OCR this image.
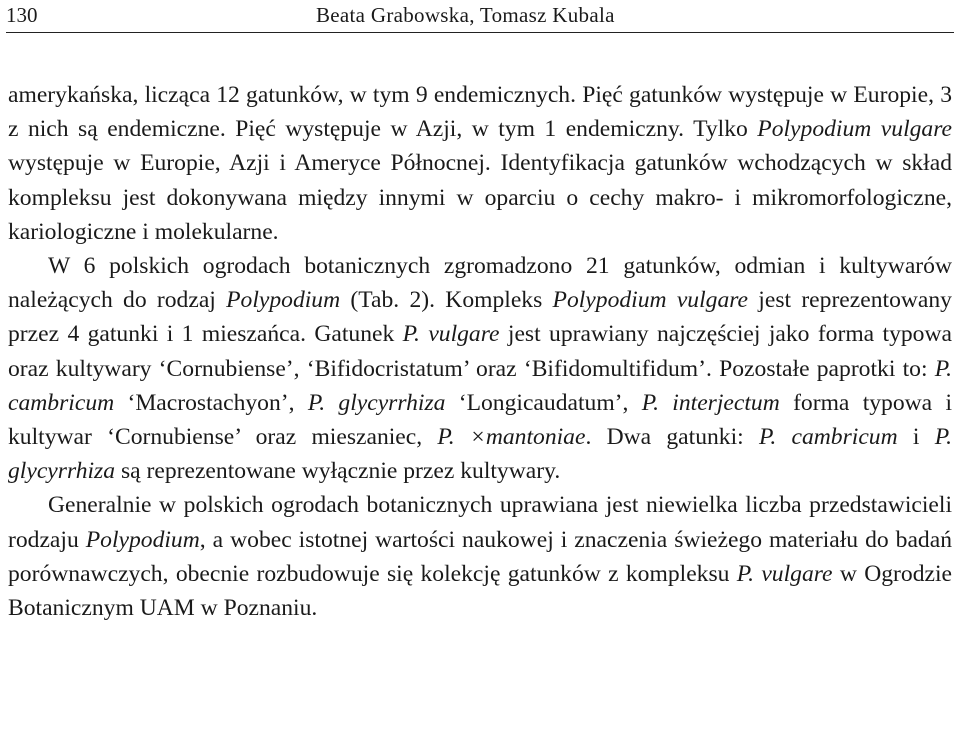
130	Beata Grabowska, Tomasz Kubala

amerykańska, licząca 12 gatunków, w tym 9 endemicznych. Pięć gatunków występuje w Europie, 3 z nich są endemiczne. Pięć występuje w Azji, w tym 1 endemiczny. Tylko Polypodium vulgare występuje w Europie, Azji i Ameryce Północnej. Identyfikacja gatunków wchodzących w skład kompleksu jest dokonywana między innymi w oparciu o cechy makro- i mikromorfologiczne, kariologiczne i molekularne.

W 6 polskich ogrodach botanicznych zgromadzono 21 gatunków, odmian i kultywarów należących do rodzaj Polypodium (Tab. 2). Kompleks Polypodium vulgare jest reprezentowany przez 4 gatunki i 1 mieszańca. Gatunek P. vulgare jest uprawiany najczęściej jako forma typowa oraz kultywary ‘Cornubiense’, ‘Bifidocristatum’ oraz ‘Bifidomultifidum’. Pozostałe paprotki to: P. cambricum ‘Macrostachyon’, P. glycyrrhiza ‘Longicaudatum’, P. interjectum forma typowa i kultywar ‘Cornubiense’ oraz mieszaniec, P. ×mantoniae. Dwa gatunki: P. cambricum i P. glycyrrhiza są reprezentowane wyłącznie przez kultywary.

Generalnie w polskich ogrodach botanicznych uprawiana jest niewielka liczba przedstawicieli rodzaju Polypodium, a wobec istotnej wartości naukowej i znaczenia świeżego materiału do badań porównawczych, obecnie rozbudowuje się kolekcję gatunków z kompleksu P. vulgare w Ogrodzie Botanicznym UAM w Poznaniu.
